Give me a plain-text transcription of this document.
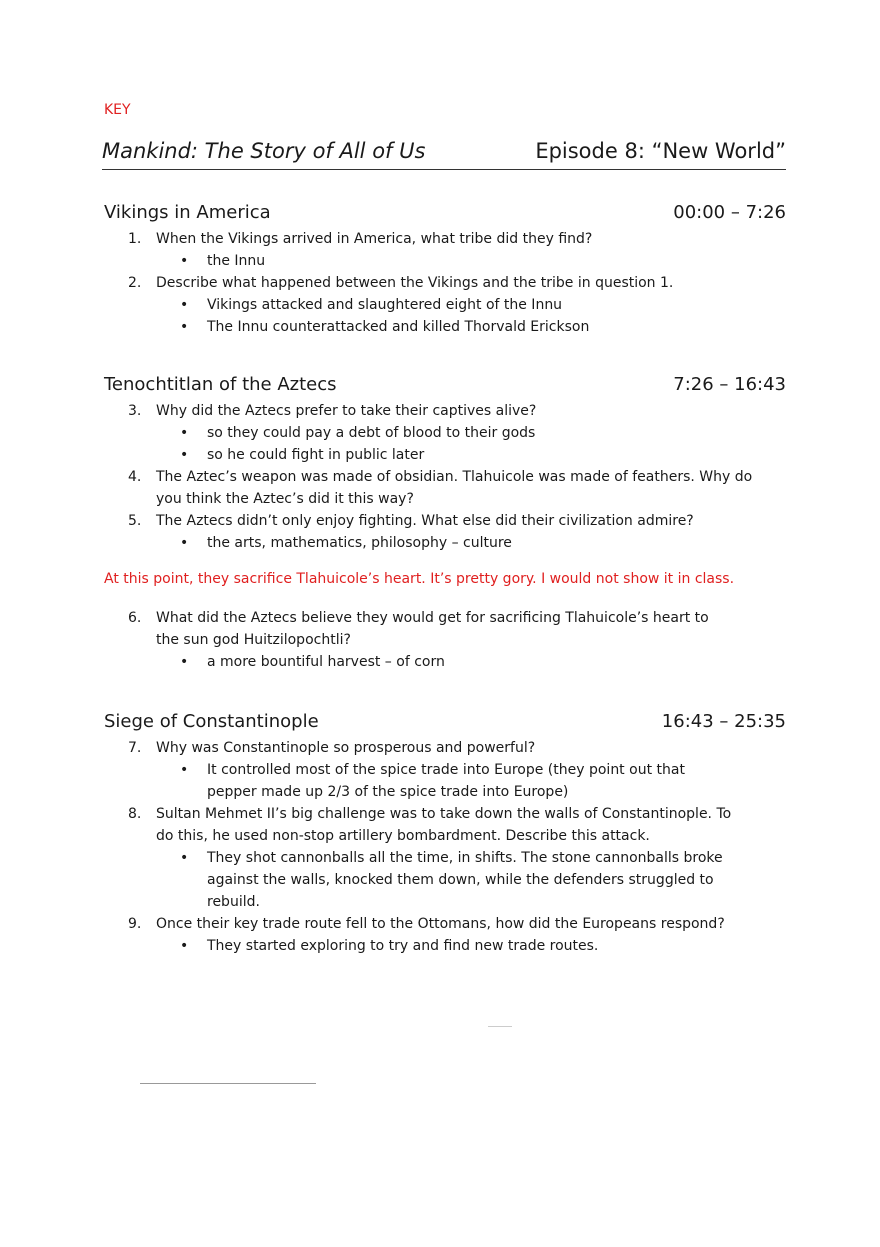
KEY
Mankind: The Story of All of Us	Episode 8: “New World”
Vikings in America	00:00 – 7:26
1. When the Vikings arrived in America, what tribe did they find?
• the Innu
2. Describe what happened between the Vikings and the tribe in question 1.
• Vikings attacked and slaughtered eight of the Innu
• The Innu counterattacked and killed Thorvald Erickson
Tenochtitlan of the Aztecs	7:26 – 16:43
3. Why did the Aztecs prefer to take their captives alive?
• so they could pay a debt of blood to their gods
• so he could fight in public later
4. The Aztec’s weapon was made of obsidian. Tlahuicole was made of feathers. Why do you think the Aztec’s did it this way?
5. The Aztecs didn’t only enjoy fighting. What else did their civilization admire?
• the arts, mathematics, philosophy – culture
At this point, they sacrifice Tlahuicole’s heart. It’s pretty gory. I would not show it in class.
6. What did the Aztecs believe they would get for sacrificing Tlahuicole’s heart to the sun god Huitzilopochtli?
• a more bountiful harvest – of corn
Siege of Constantinople	16:43 – 25:35
7. Why was Constantinople so prosperous and powerful?
• It controlled most of the spice trade into Europe (they point out that pepper made up 2/3 of the spice trade into Europe)
8. Sultan Mehmet II’s big challenge was to take down the walls of Constantinople. To do this, he used non-stop artillery bombardment. Describe this attack.
• They shot cannonballs all the time, in shifts. The stone cannonballs broke against the walls, knocked them down, while the defenders struggled to rebuild.
9. Once their key trade route fell to the Ottomans, how did the Europeans respond?
• They started exploring to try and find new trade routes.
